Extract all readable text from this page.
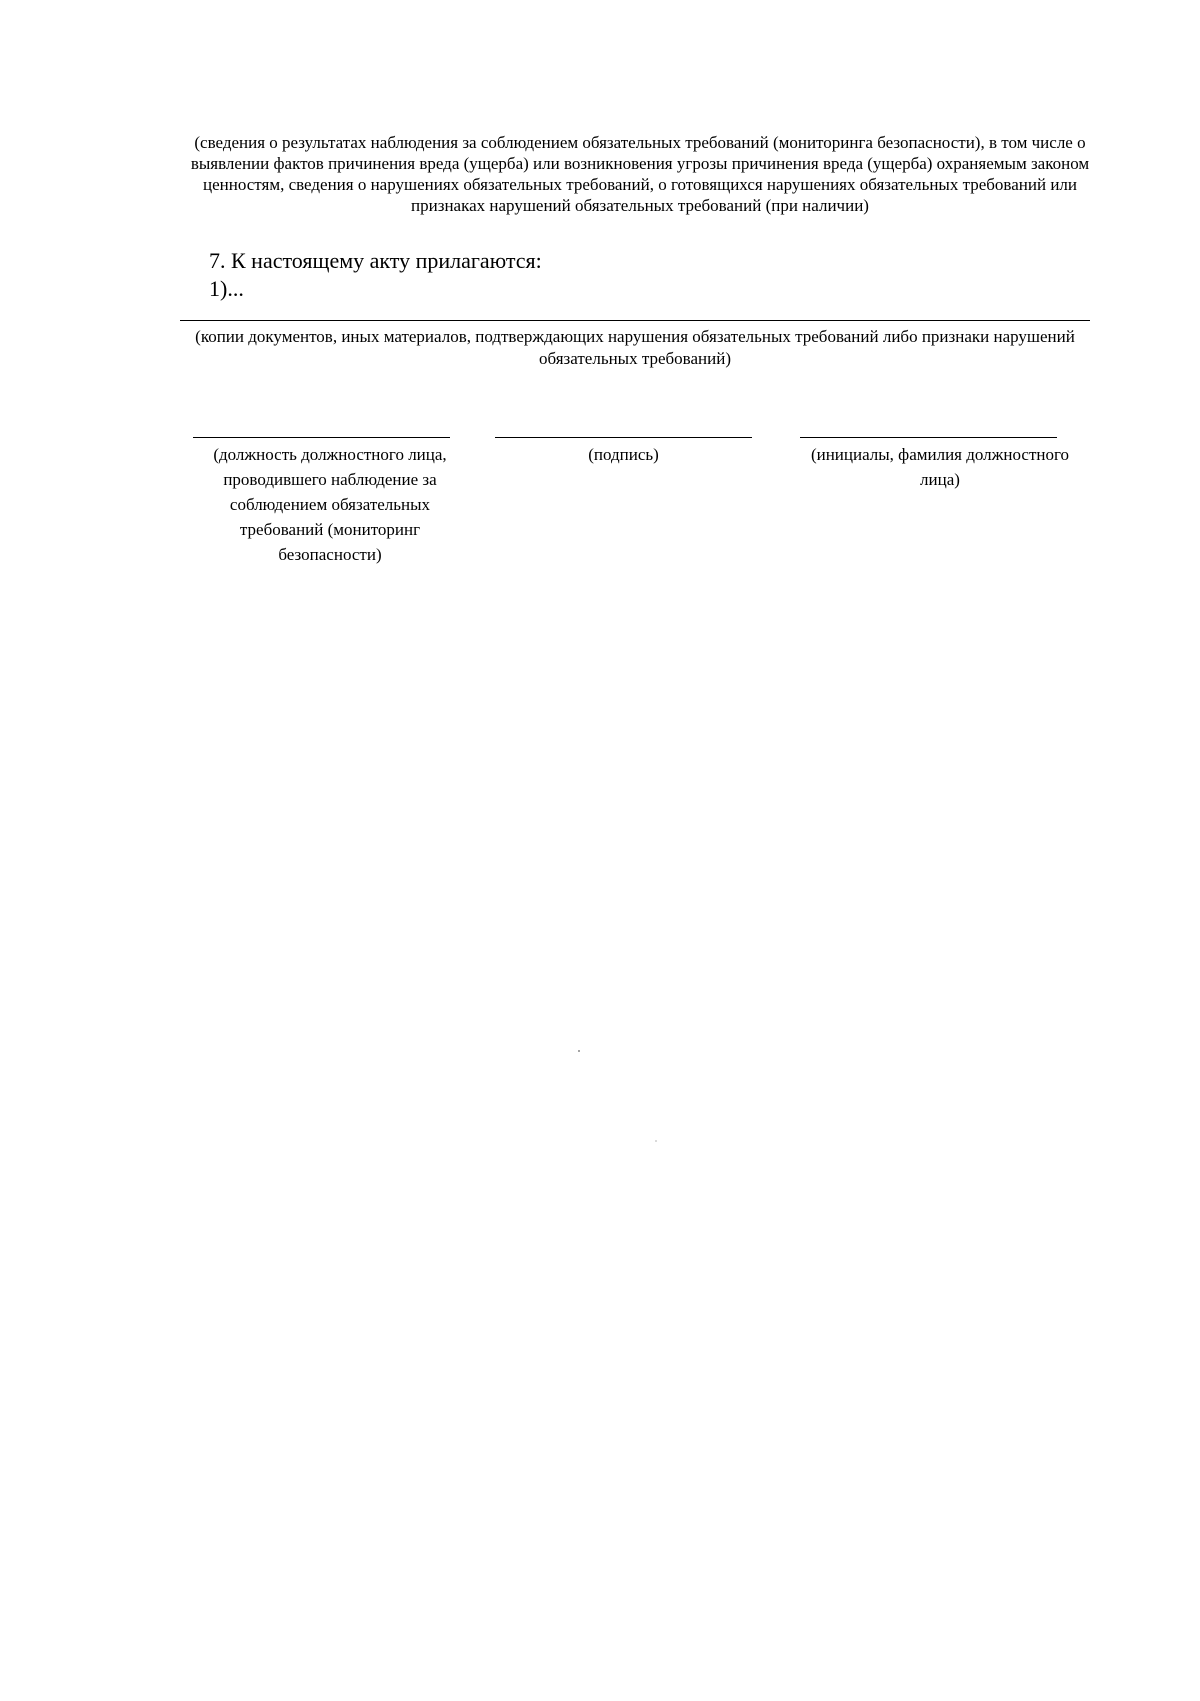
(сведения о результатах наблюдения за соблюдением обязательных требований (мониторинга безопасности), в том числе о выявлении фактов причинения вреда (ущерба) или возникновения угрозы причинения вреда (ущерба) охраняемым законом ценностям, сведения о нарушениях обязательных требований, о готовящихся нарушениях обязательных требований или признаках нарушений обязательных требований (при наличии)
7. К настоящему акту прилагаются:
1)...
(копии документов, иных материалов, подтверждающих нарушения обязательных требований либо признаки нарушений обязательных требований)
(должность должностного лица, проводившего наблюдение за соблюдением обязательных требований (мониторинг безопасности)
(подпись)	(инициалы, фамилия должностного лица)
